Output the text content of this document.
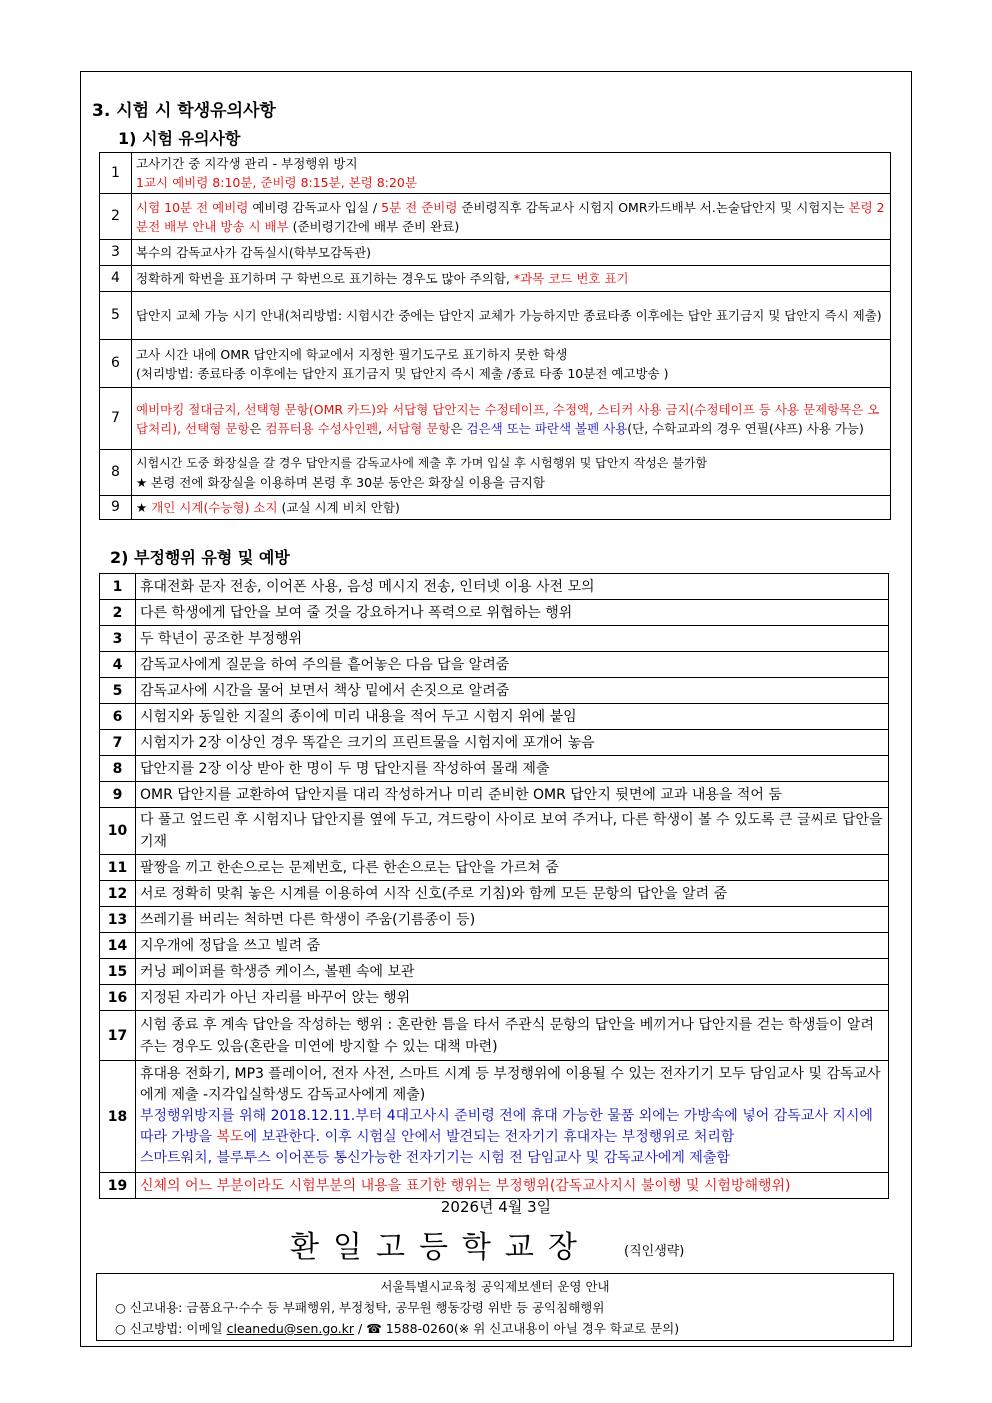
3. 시험 시 학생유의사항
1) 시험 유의사항
1	고사기간 중 지각생 관리 - 부정행위 방지
1교시 예비령 8:10분, 준비령 8:15분, 본령 8:20분

2	시험 10분 전 예비령 예비령 감독교사 입실 / 5분 전 준비령 준비령직후 감독교사 시험지 OMR카드배부 서.논술답안지 및 시험지는 본령 2분전 배부 안내 방송 시 배부 (준비령기간에 배부 준비 완료)
3	복수의 감독교사가 감독실시(학부모감독관)
4	정확하게 학번을 표기하며 구 학번으로 표기하는 경우도 많아 주의함, *과목 코드 번호 표기
5	답안지 교체 가능 시기 안내(처리방법: 시험시간 중에는 답안지 교체가 가능하지만 종료타종 이후에는 답안 표기금지 및 답안지 즉시 제출)
6	고사 시간 내에 OMR 답안지에 학교에서 지정한 필기도구로 표기하지 못한 학생
(처리방법: 종료타종 이후에는 답안지 표기금지 및 답안지 즉시 제출 /종료 타종 10분전 예고방송 )

7	예비마킹 절대금지, 선택형 문항(OMR 카드)와 서답형 답안지는 수정테이프, 수정액, 스티커 사용 금지(수정테이프 등 사용 문제항목은 오답처리), 선택형 문항은 컴퓨터용 수성사인펜, 서답형 문항은 검은색 또는 파란색 볼펜 사용(단, 수학교과의 경우 연필(샤프) 사용 가능)
8	시험시간 도중 화장실을 갈 경우 답안지를 감독교사에 제출 후 가며 입실 후 시험행위 및 답안지 작성은 불가함
★ 본령 전에 화장실을 이용하며 본령 후 30분 동안은 화장실 이용을 금지함

9	★ 개인 시계(수능형) 소지 (교실 시계 비치 안함)
2) 부정행위 유형 및 예방
1	휴대전화 문자 전송, 이어폰 사용, 음성 메시지 전송, 인터넷 이용 사전 모의
2	다른 학생에게 답안을 보여 줄 것을 강요하거나 폭력으로 위협하는 행위
3	두 학년이 공조한 부정행위
4	감독교사에게 질문을 하여 주의를 흩어놓은 다음 답을 알려줌
5	감독교사에 시간을 물어 보면서 책상 밑에서 손짓으로 알려줌
6	시험지와 동일한 지질의 종이에 미리 내용을 적어 두고 시험지 위에 붙임
7	시험지가 2장 이상인 경우 똑같은 크기의 프린트물을 시험지에 포개어 놓음
8	답안지를 2장 이상 받아 한 명이 두 명 답안지를 작성하여 몰래 제출
9	OMR 답안지를 교환하여 답안지를 대리 작성하거나 미리 준비한 OMR 답안지 뒷면에 교과 내용을 적어 둠
10	다 풀고 엎드린 후 시험지나 답안지를 옆에 두고, 겨드랑이 사이로 보여 주거나, 다른 학생이 볼 수 있도록 큰 글씨로 답안을 기재
11	팔짱을 끼고 한손으로는 문제번호, 다른 한손으로는 답안을 가르쳐 줌
12	서로 정확히 맞춰 놓은 시계를 이용하여 시작 신호(주로 기침)와 함께 모든 문항의 답안을 알려 줌
13	쓰레기를 버리는 척하면 다른 학생이 주움(기름종이 등)
14	지우개에 정답을 쓰고 빌려 줌
15	커닝 페이퍼를 학생증 케이스, 볼펜 속에 보관
16	지정된 자리가 아닌 자리를 바꾸어 앉는 행위
17	시험 종료 후 계속 답안을 작성하는 행위 : 혼란한 틈을 타서 주관식 문항의 답안을 베끼거나 답안지를 걷는 학생들이 알려주는 경우도 있음(혼란을 미연에 방지할 수 있는 대책 마련)
18	휴대용 전화기, MP3 플레이어, 전자 사전, 스마트 시계 등 부정행위에 이용될 수 있는 전자기기 모두 담임교사 및 감독교사에게 제출 -지각입실학생도 감독교사에게 제출)
부정행위방지를 위해 2018.12.11.부터 4대고사시 준비령 전에 휴대 가능한 물품 외에는 가방속에 넣어 감독교사 지시에 따라 가방을 복도에 보관한다. 이후 시험실 안에서 발견되는 전자기기 휴대자는 부정행위로 처리함
스마트워치, 블루투스 이어폰등 통신가능한 전자기기는 시험 전 담임교사 및 감독교사에게 제출함

19	신체의 어느 부분이라도 시험부분의 내용을 표기한 행위는 부정행위(감독교사지시 불이행 및 시험방해행위)
2026년 4월 3일
환일고등학교장	(직인생략)
서울특별시교육청 공익제보센터 운영 안내
○ 신고내용: 금품요구·수수 등 부패행위, 부정청탁, 공무원 행동강령 위반 등 공익침해행위
○ 신고방법: 이메일 cleanedu@sen.go.kr / ☎ 1588-0260(※ 위 신고내용이 아닐 경우 학교로 문의)
